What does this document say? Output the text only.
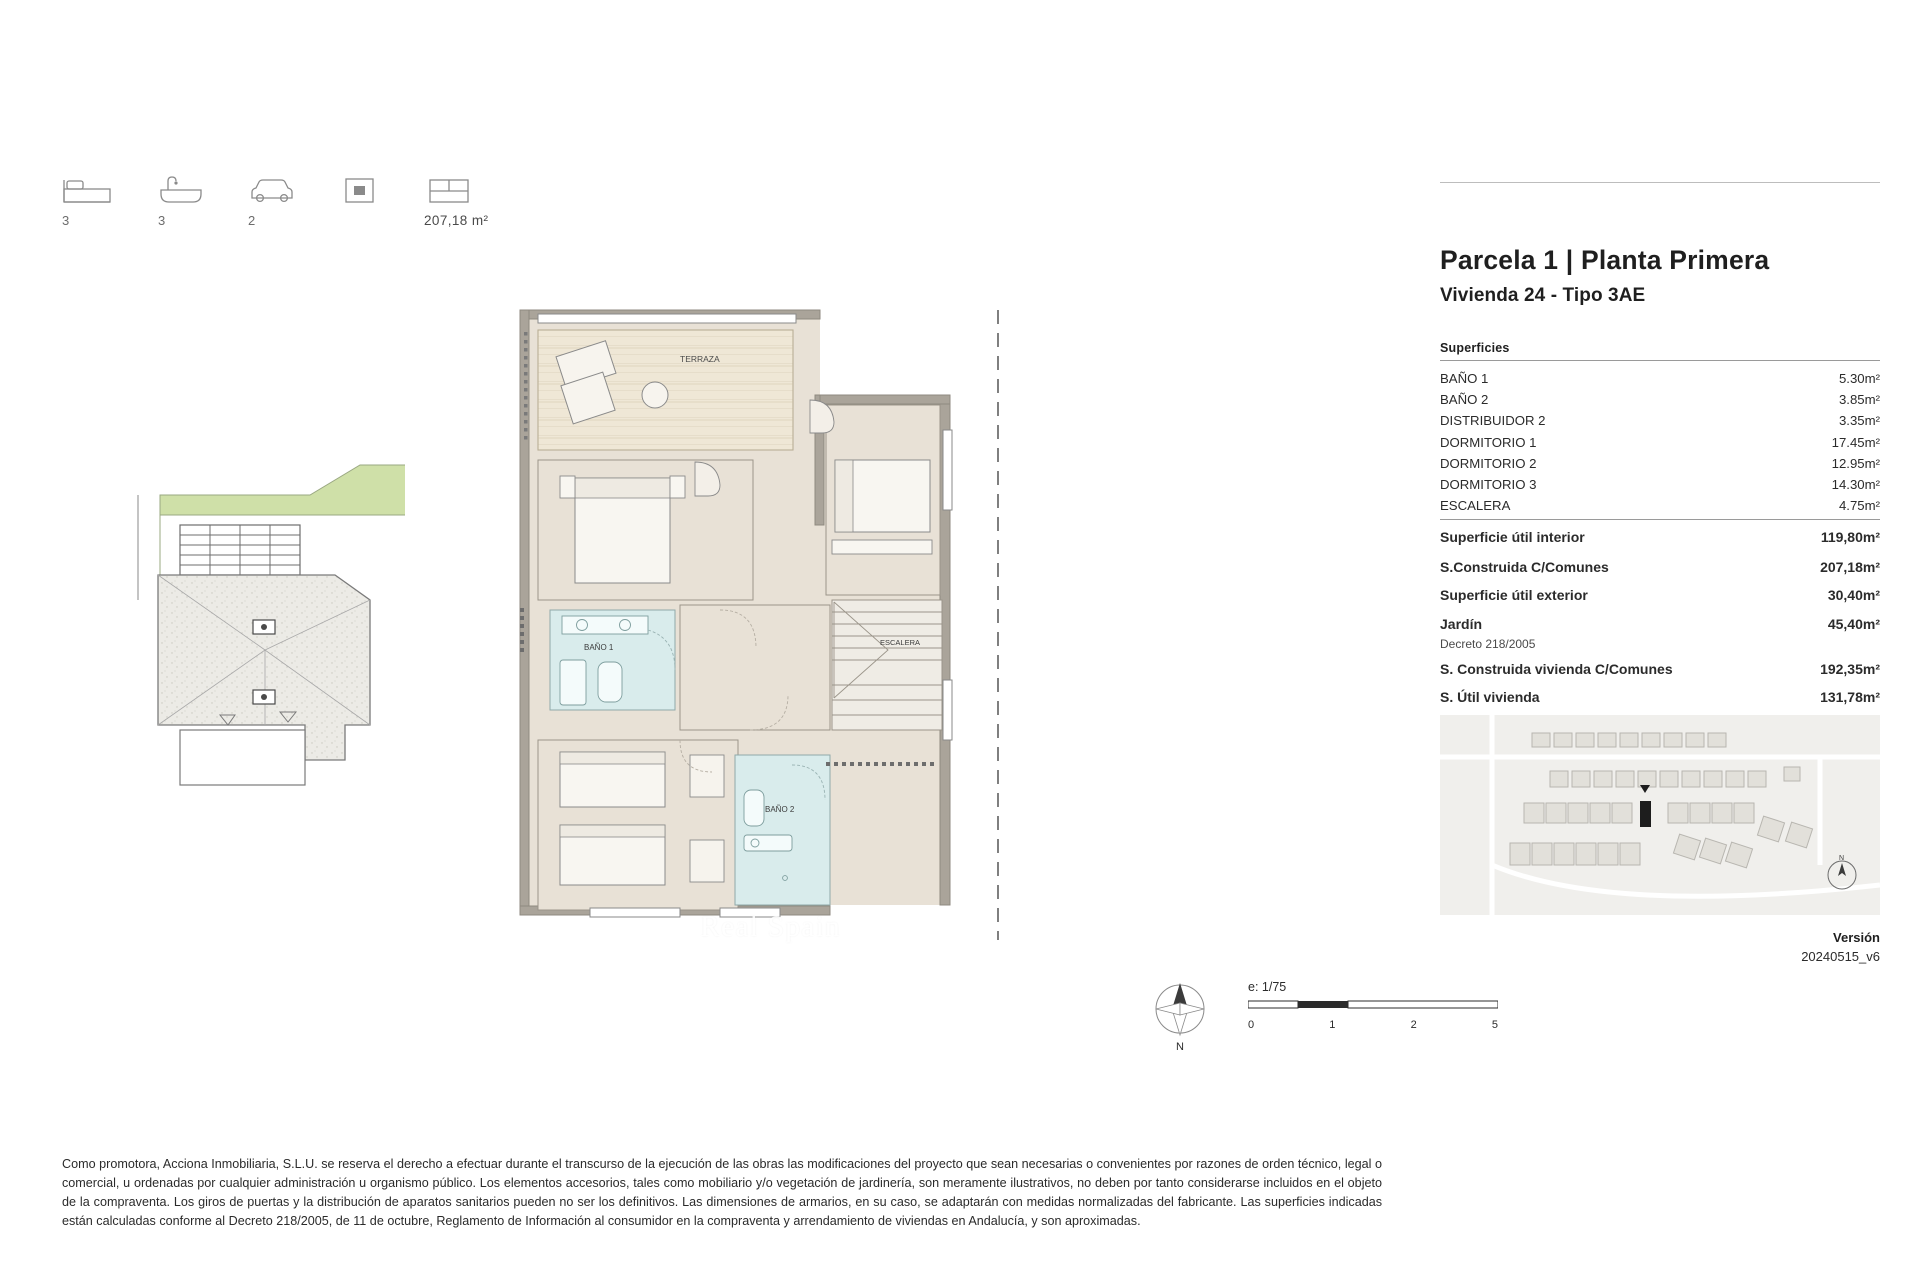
3	3	2	207,18 m²
TERRAZA
BAÑO 1
ESCALERA
BAÑO 2
Real Spain
Parcela 1 | Planta Primera
Vivienda 24 - Tipo 3AE
Superficies
BAÑO 1	5.30m²
BAÑO 2	3.85m²
DISTRIBUIDOR 2	3.35m²
DORMITORIO 1	17.45m²
DORMITORIO 2	12.95m²
DORMITORIO 3	14.30m²
ESCALERA	4.75m²
Superficie útil interior	119,80m²
S.Construida C/Comunes	207,18m²
Superficie útil exterior	30,40m²
Jardín	45,40m²
Decreto 218/2005	
S. Construida vivienda C/Comunes	192,35m²
S. Útil vivienda	131,78m²
N
Versión
20240515_v6
N
e: 1/75
0	1	2	5
Como promotora, Acciona Inmobiliaria, S.L.U. se reserva el derecho a efectuar durante el transcurso de la ejecución de las obras las modificaciones del proyecto que sean necesarias o convenientes por razones de orden técnico, legal o comercial, u ordenadas por cualquier administración u organismo público. Los elementos accesorios, tales como mobiliario y/o vegetación de jardinería, son meramente ilustrativos, no deben por tanto considerarse incluidos en el objeto de la compraventa. Los giros de puertas y la distribución de aparatos sanitarios pueden no ser los definitivos. Las dimensiones de armarios, en su caso, se adaptarán con medidas normalizadas del fabricante. Las superficies indicadas están calculadas conforme al Decreto 218/2005, de 11 de octubre, Reglamento de Información al consumidor en la compraventa y arrendamiento de viviendas en Andalucía, y son aproximadas.
